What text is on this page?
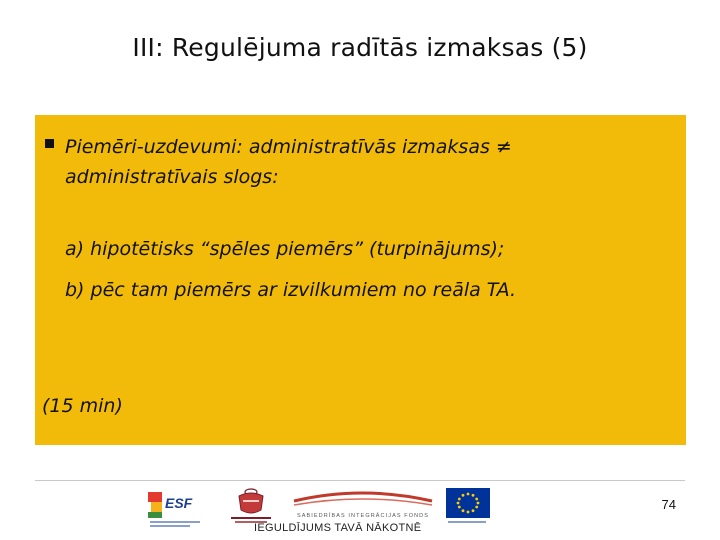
III: Regulējuma radītās izmaksas (5)
Piemēri-uzdevumi: administratīvās izmaksas ≠ administratīvais slogs:
a) hipotētisks “spēles piemērs” (turpinājums);
b) pēc tam piemērs ar izvilkumiem no reāla TA.
(15 min)
74
ESF
SABIEDRĪBAS INTEGRĀCIJAS FONDS
IEGULDĪJUMS TAVĀ NĀKOTNĒ
